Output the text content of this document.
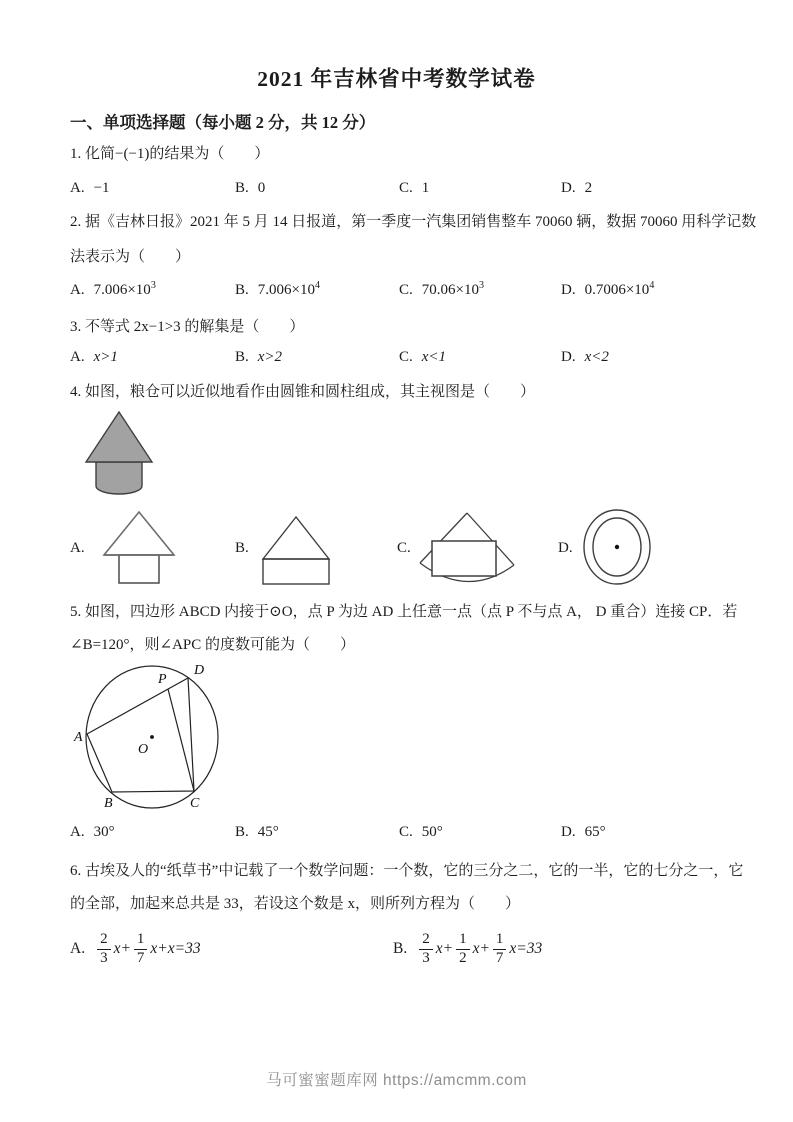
2021 年吉林省中考数学试卷
一、单项选择题（每小题 2 分，共 12 分）
1. 化简−(−1)的结果为（　　）
A. −1	B. 0	C. 1	D. 2
2. 据《吉林日报》2021 年 5 月 14 日报道，第一季度一汽集团销售整车 70060 辆，数据 70060 用科学记数
法表示为（　　）
A. $7.006\times 10^3$	B. $7.006\times 10^4$	C. $70.06\times 10^3$	D. $0.7006\times 10^4$
3. 不等式 2x−1>3 的解集是（　　）
A. x>1	B. x>2	C. x<1	D. x<2
4. 如图，粮仓可以近似地看作由圆锥和圆柱组成，其主视图是（　　）
A.	B.	C.	D.
5. 如图，四边形 ABCD 内接于⊙O，点 P 为边 AD 上任意一点（点 P 不与点 A， D 重合）连接 CP．若
∠B=120°，则∠APC 的度数可能为（　　）
A
B	C
D
P
O
A. 30°	B. 45°	C. 50°	D. 65°
6. 古埃及人的“纸草书”中记载了一个数学问题：一个数，它的三分之二，它的一半，它的七分之一，它
的全部，加起来总共是 33，若设这个数是 x，则所列方程为（　　）
A. $\frac{2}{3} x+ \frac{1}{7} x+x=33$	B. $\frac{2}{3} x+ \frac{1}{2} x+ \frac{1}{7} x=33$
马可蜜蜜题库网 https://amcmm.com
